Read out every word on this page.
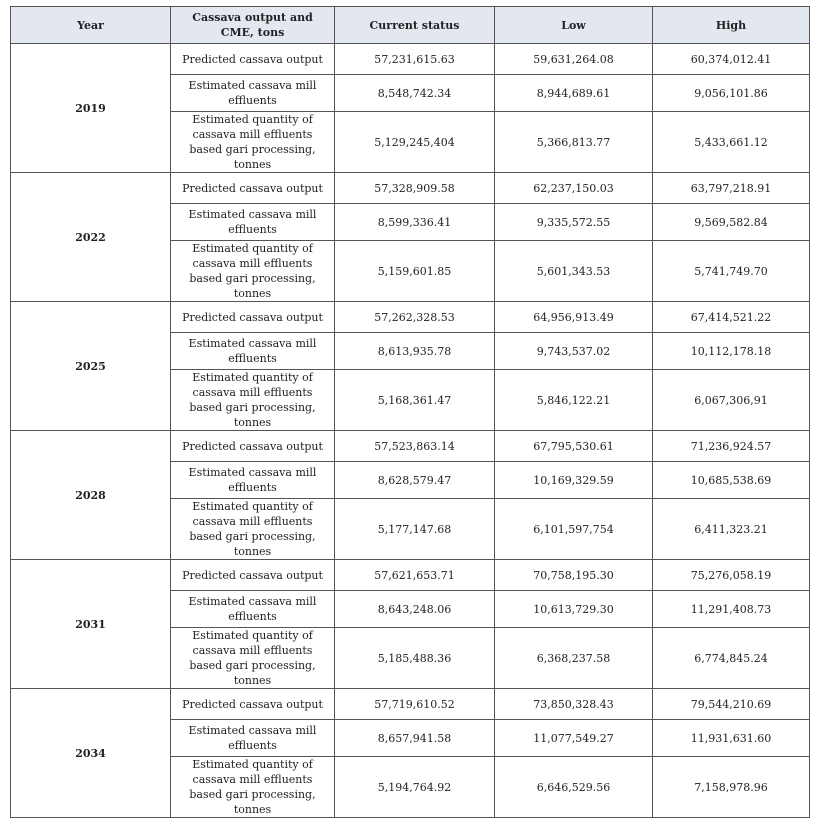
Year	Cassava output and CME, tons	Current status	Low	High
2019	Predicted cassava output	57,231,615.63	59,631,264.08	60,374,012.41
	Estimated cassava mill effluents	8,548,742.34	8,944,689.61	9,056,101.86
	Estimated quantity of cassava mill effluents based gari processing, tonnes	5,129,245,404	5,366,813.77	5,433,661.12
2022	Predicted cassava output	57,328,909.58	62,237,150.03	63,797,218.91
	Estimated cassava mill effluents	8,599,336.41	9,335,572.55	9,569,582.84
	Estimated quantity of cassava mill effluents based gari processing, tonnes	5,159,601.85	5,601,343.53	5,741,749.70
2025	Predicted cassava output	57,262,328.53	64,956,913.49	67,414,521.22
	Estimated cassava mill effluents	8,613,935.78	9,743,537.02	10,112,178.18
	Estimated quantity of cassava mill effluents based gari processing, tonnes	5,168,361.47	5,846,122.21	6,067,306,91
2028	Predicted cassava output	57,523,863.14	67,795,530.61	71,236,924.57
	Estimated cassava mill effluents	8,628,579.47	10,169,329.59	10,685,538.69
	Estimated quantity of cassava mill effluents based gari processing, tonnes	5,177,147.68	6,101,597,754	6,411,323.21
2031	Predicted cassava output	57,621,653.71	70,758,195.30	75,276,058.19
	Estimated cassava mill effluents	8,643,248.06	10,613,729.30	11,291,408.73
	Estimated quantity of cassava mill effluents based gari processing, tonnes	5,185,488.36	6,368,237.58	6,774,845.24
2034	Predicted cassava output	57,719,610.52	73,850,328.43	79,544,210.69
	Estimated cassava mill effluents	8,657,941.58	11,077,549.27	11,931,631.60
	Estimated quantity of cassava mill effluents based gari processing, tonnes	5,194,764.92	6,646,529.56	7,158,978.96
